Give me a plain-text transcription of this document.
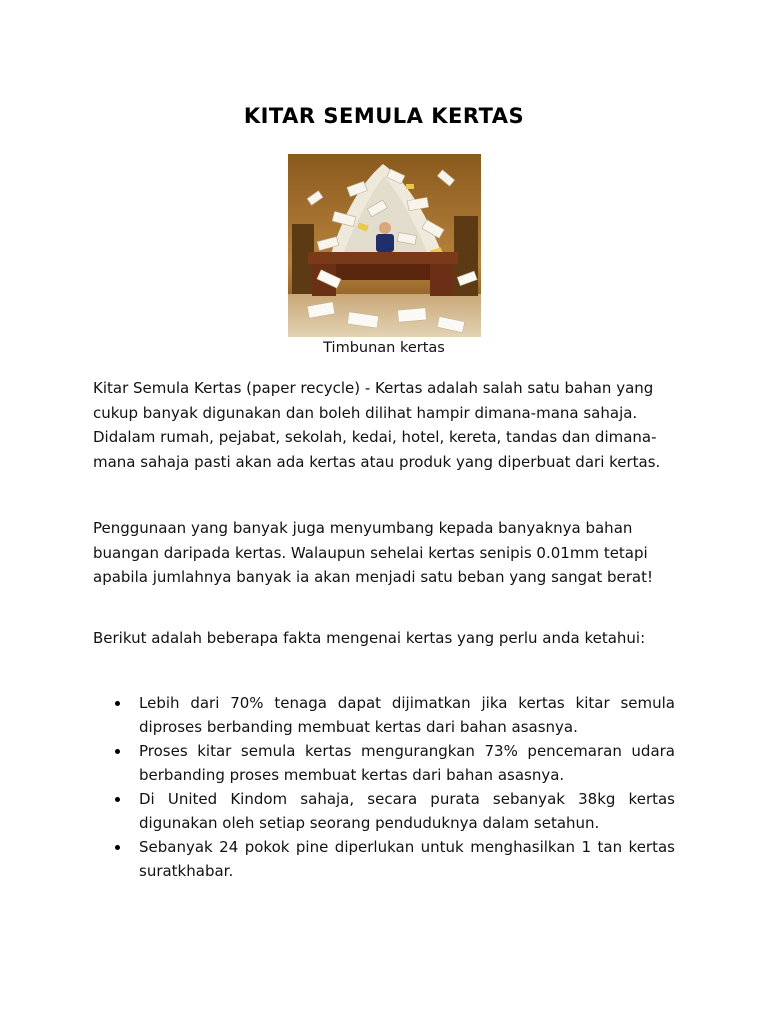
KITAR SEMULA KERTAS
Timbunan kertas

Kitar Semula Kertas (paper recycle) - Kertas adalah salah satu bahan yang cukup banyak digunakan dan boleh dilihat hampir dimana-mana sahaja. Didalam rumah, pejabat, sekolah, kedai, hotel, kereta, tandas dan dimana-mana sahaja pasti akan ada kertas atau produk yang diperbuat dari kertas.

Penggunaan yang banyak juga menyumbang kepada banyaknya bahan buangan daripada kertas. Walaupun sehelai kertas senipis 0.01mm tetapi apabila jumlahnya banyak ia akan menjadi satu beban yang sangat berat!

Berikut adalah beberapa fakta mengenai kertas yang perlu anda ketahui:

Lebih dari 70% tenaga dapat dijimatkan jika kertas kitar semula diproses berbanding membuat kertas dari bahan asasnya.
Proses kitar semula kertas mengurangkan 73% pencemaran udara berbanding proses membuat kertas dari bahan asasnya.
Di United Kindom sahaja, secara purata sebanyak 38kg kertas digunakan oleh setiap seorang penduduknya dalam setahun.
Sebanyak 24 pokok pine diperlukan untuk menghasilkan 1 tan kertas suratkhabar.
